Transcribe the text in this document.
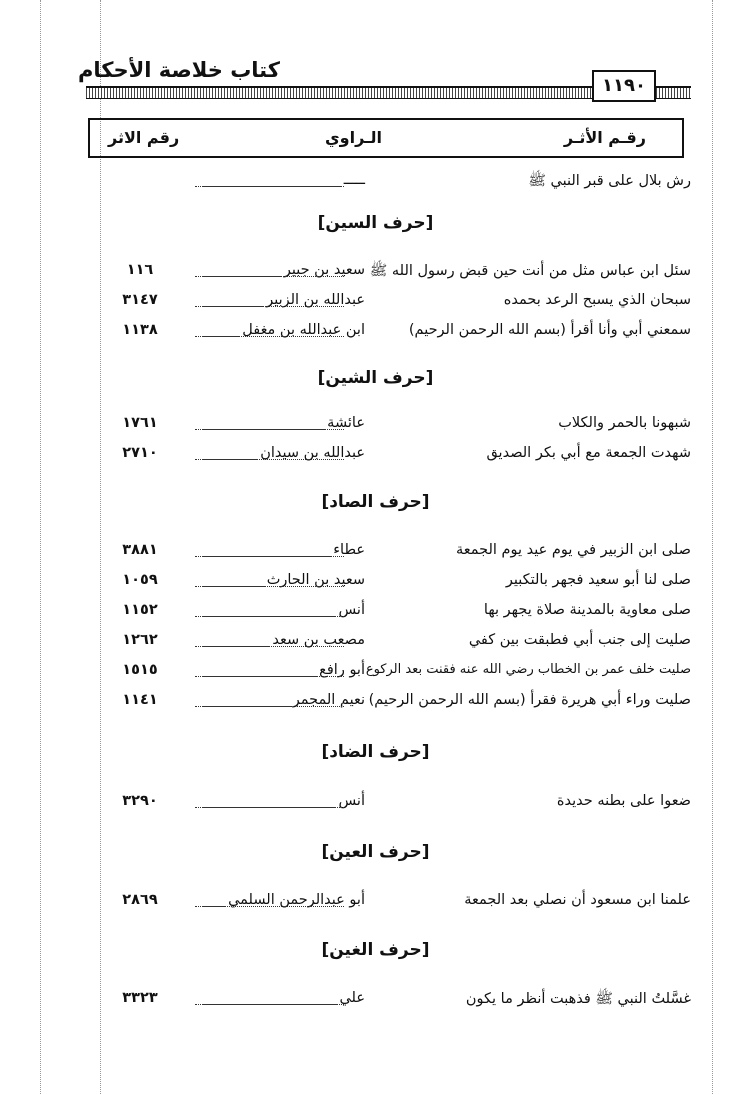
كتاب خلاصة الأحكام
١١٩٠
رقـم الأثـر
الـراوي
رقم الاثر
رش بلال على قبر النبي ﷺ
ـــــ
[حرف السين]
سئل ابن عباس مثل من أنت حين قبض رسول الله ﷺ
سعيد بن جبير
١١٦
سبحان الذي يسبح الرعد بحمده
عبدالله بن الزبير
٣١٤٧
سمعني أبي وأنا أقرأ (بسم الله الرحمن الرحيم)
ابن عبدالله بن مغفل
١١٣٨
[حرف الشين]
شبهونا بالحمر والكلاب
عائشة
١٧٦١
شهدت الجمعة مع أبي بكر الصديق
عبدالله بن سيدان
٢٧١٠
[حرف الصاد]
صلى ابن الزبير في يوم عيد يوم الجمعة
عطاء
٣٨٨١
صلى لنا أبو سعيد فجهر بالتكبير
سعيد بن الحارث
١٠٥٩
صلى معاوية بالمدينة صلاة يجهر بها
أنس
١١٥٢
صليت إلى جنب أبي فطبقت بين كفي
مصعب بن سعد
١٢٦٢
صليت خلف عمر بن الخطاب رضي الله عنه فقنت بعد الركوع
أبو رافع
١٥١٥
صليت وراء أبي هريرة فقرأ (بسم الله الرحمن الرحيم)
نعيم المجمر
١١٤١
[حرف الضاد]
ضعوا على بطنه حديدة
أنس
٣٢٩٠
[حرف العين]
علمنا ابن مسعود أن نصلي بعد الجمعة
أبو عبدالرحمن السلمي
٢٨٦٩
[حرف الغين]
غسَّلتُ النبي ﷺ فذهبت أنظر ما يكون
علي
٣٣٢٣
